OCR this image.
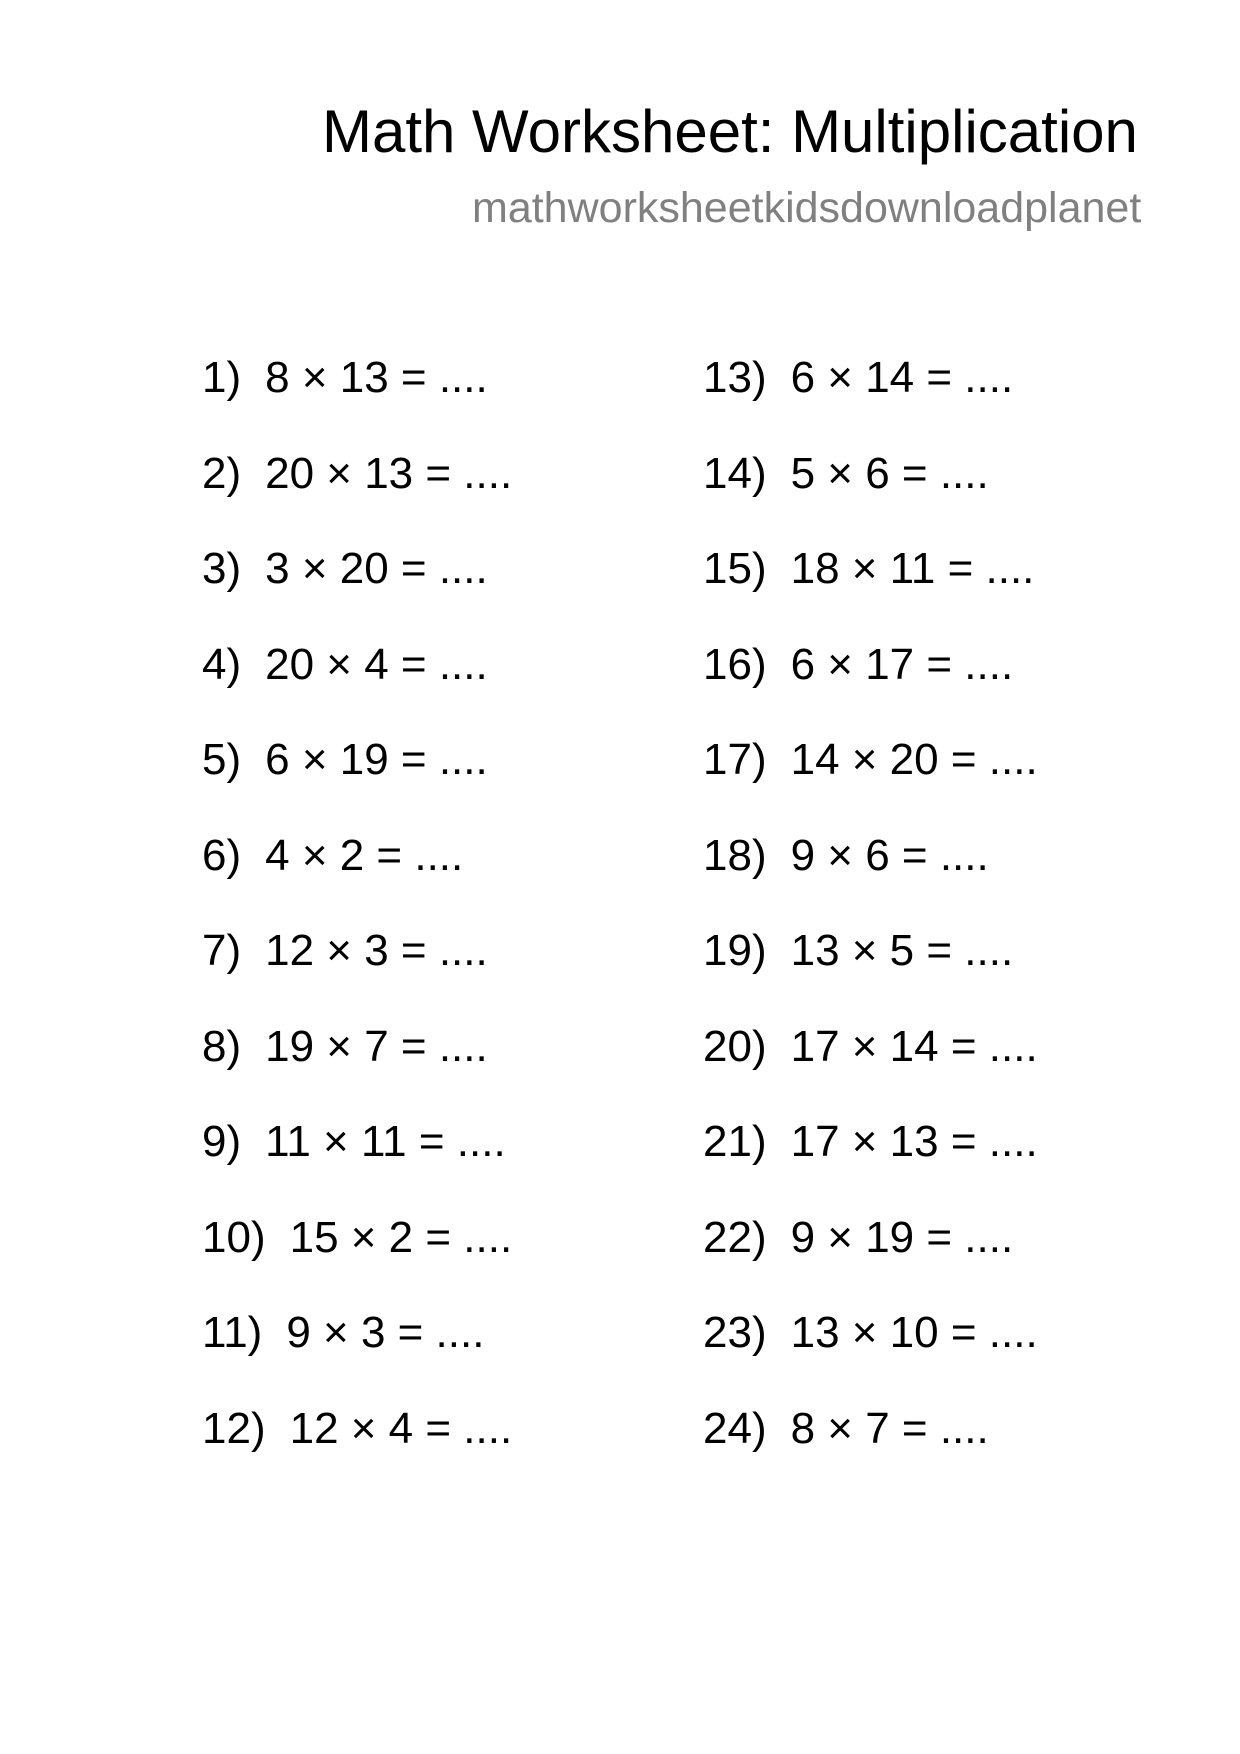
Math Worksheet: Multiplication
mathworksheetkidsdownloadplanet
1) 8 × 13 = ....
2) 20 × 13 = ....
3) 3 × 20 = ....
4) 20 × 4 = ....
5) 6 × 19 = ....
6) 4 × 2 = ....
7) 12 × 3 = ....
8) 19 × 7 = ....
9) 11 × 11 = ....
10) 15 × 2 = ....
11) 9 × 3 = ....
12) 12 × 4 = ....
13) 6 × 14 = ....
14) 5 × 6 = ....
15) 18 × 11 = ....
16) 6 × 17 = ....
17) 14 × 20 = ....
18) 9 × 6 = ....
19) 13 × 5 = ....
20) 17 × 14 = ....
21) 17 × 13 = ....
22) 9 × 19 = ....
23) 13 × 10 = ....
24) 8 × 7 = ....
